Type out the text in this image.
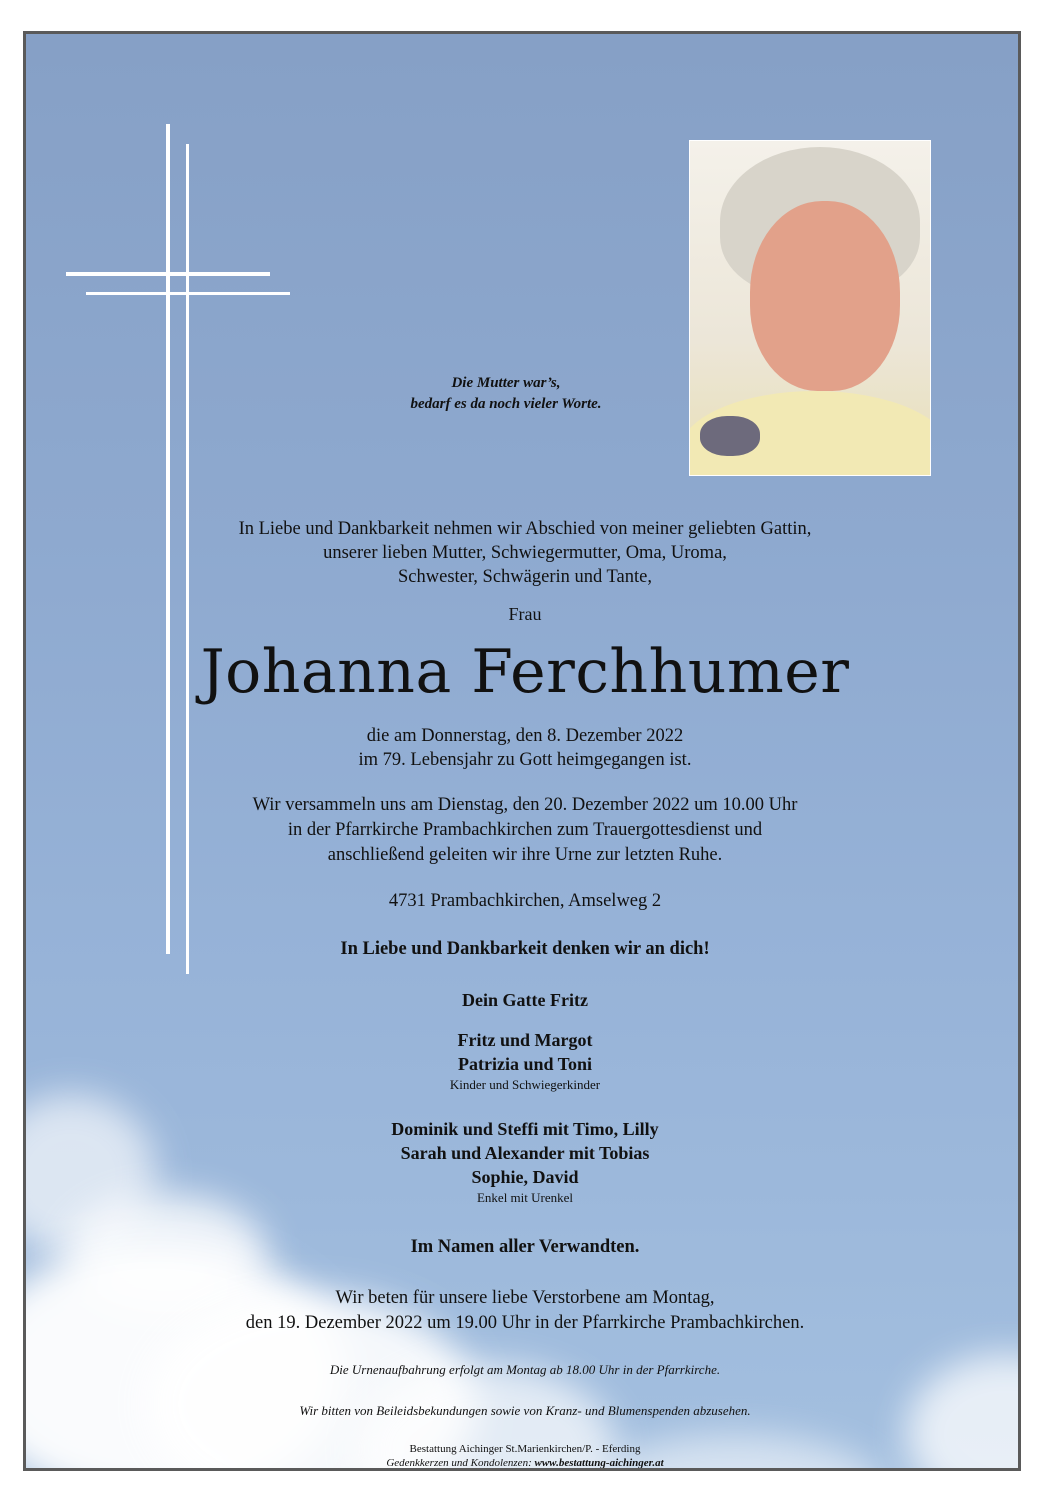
Die Mutter war’s,
bedarf es da noch vieler Worte.

In Liebe und Dankbarkeit nehmen wir Abschied von meiner geliebten Gattin,
unserer lieben Mutter, Schwiegermutter, Oma, Uroma,
Schwester, Schwägerin und Tante,

Frau

Johanna Ferchhumer

die am Donnerstag, den 8. Dezember 2022
im 79. Lebensjahr zu Gott heimgegangen ist.

Wir versammeln uns am Dienstag, den 20. Dezember 2022 um 10.00 Uhr
in der Pfarrkirche Prambachkirchen zum Trauergottesdienst und
anschließend geleiten wir ihre Urne zur letzten Ruhe.

4731 Prambachkirchen, Amselweg 2

In Liebe und Dankbarkeit denken wir an dich!

Dein Gatte Fritz

Fritz und Margot
Patrizia und Toni
Kinder und Schwiegerkinder

Dominik und Steffi mit Timo, Lilly
Sarah und Alexander mit Tobias
Sophie, David
Enkel mit Urenkel

Im Namen aller Verwandten.

Wir beten für unsere liebe Verstorbene am Montag,
den 19. Dezember 2022 um 19.00 Uhr in der Pfarrkirche Prambachkirchen.

Die Urnenaufbahrung erfolgt am Montag ab 18.00 Uhr in der Pfarrkirche.

Wir bitten von Beileidsbekundungen sowie von Kranz- und Blumenspenden abzusehen.

Bestattung Aichinger St.Marienkirchen/P. - Eferding
Gedenkkerzen und Kondolenzen: www.bestattung-aichinger.at
